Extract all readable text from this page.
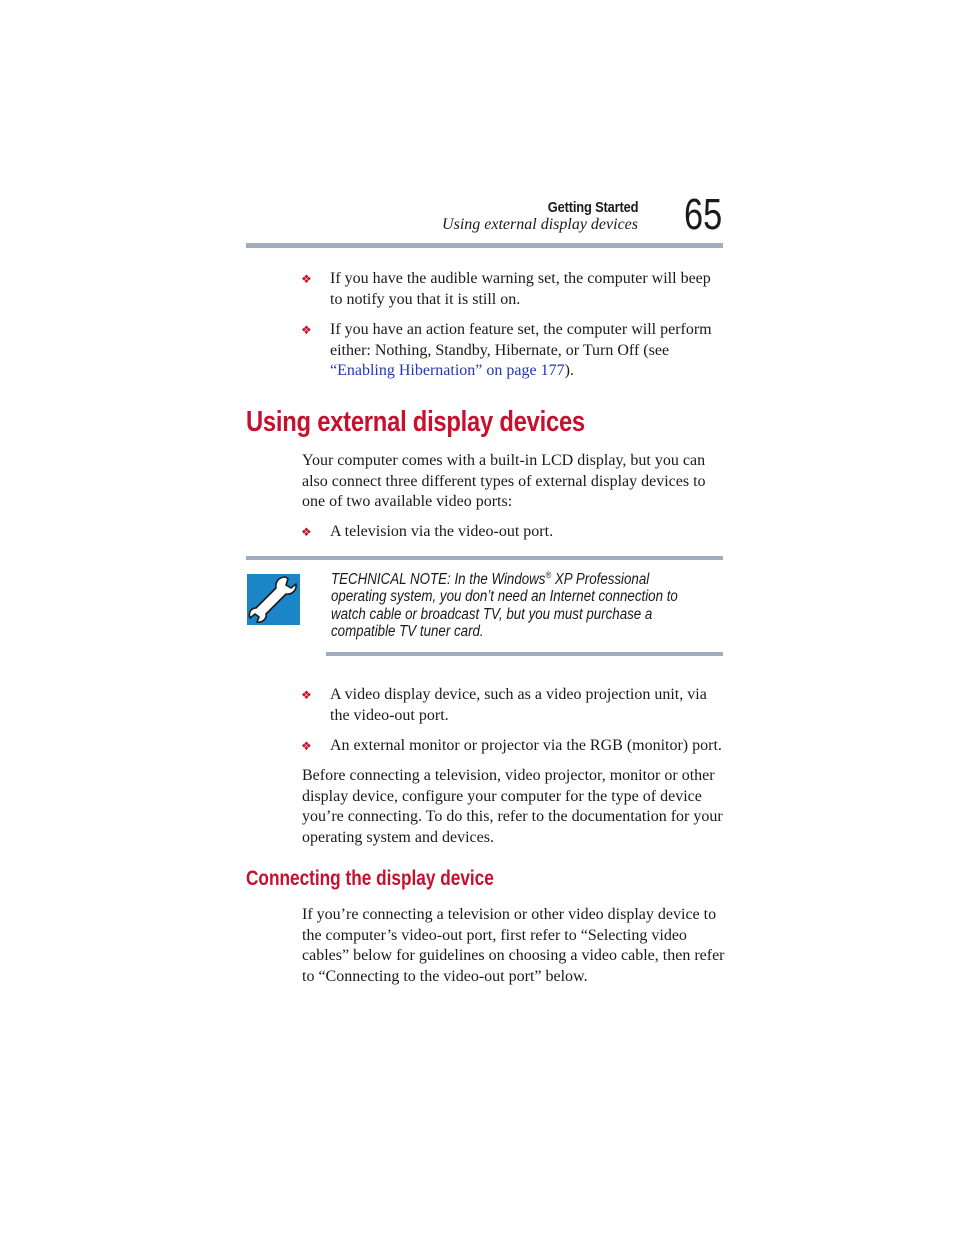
Getting Started
Using external display devices 65
❖ If you have the audible warning set, the computer will beep to notify you that it is still on.
❖ If you have an action feature set, the computer will perform either: Nothing, Standby, Hibernate, or Turn Off (see “Enabling Hibernation” on page 177).
Using external display devices
Your computer comes with a built-in LCD display, but you can also connect three different types of external display devices to one of two available video ports:
❖ A television via the video-out port.
TECHNICAL NOTE: In the Windows® XP Professional
operating system, you don’t need an Internet connection to watch cable or broadcast TV, but you must purchase a compatible TV tuner card.
❖ A video display device, such as a video projection unit, via the video-out port.
❖ An external monitor or projector via the RGB (monitor) port.
Before connecting a television, video projector, monitor or other display device, configure your computer for the type of device you’re connecting. To do this, refer to the documentation for your operating system and devices.
Connecting the display device
If you’re connecting a television or other video display device to the computer’s video-out port, first refer to “Selecting video cables” below for guidelines on choosing a video cable, then refer to “Connecting to the video-out port” below.
